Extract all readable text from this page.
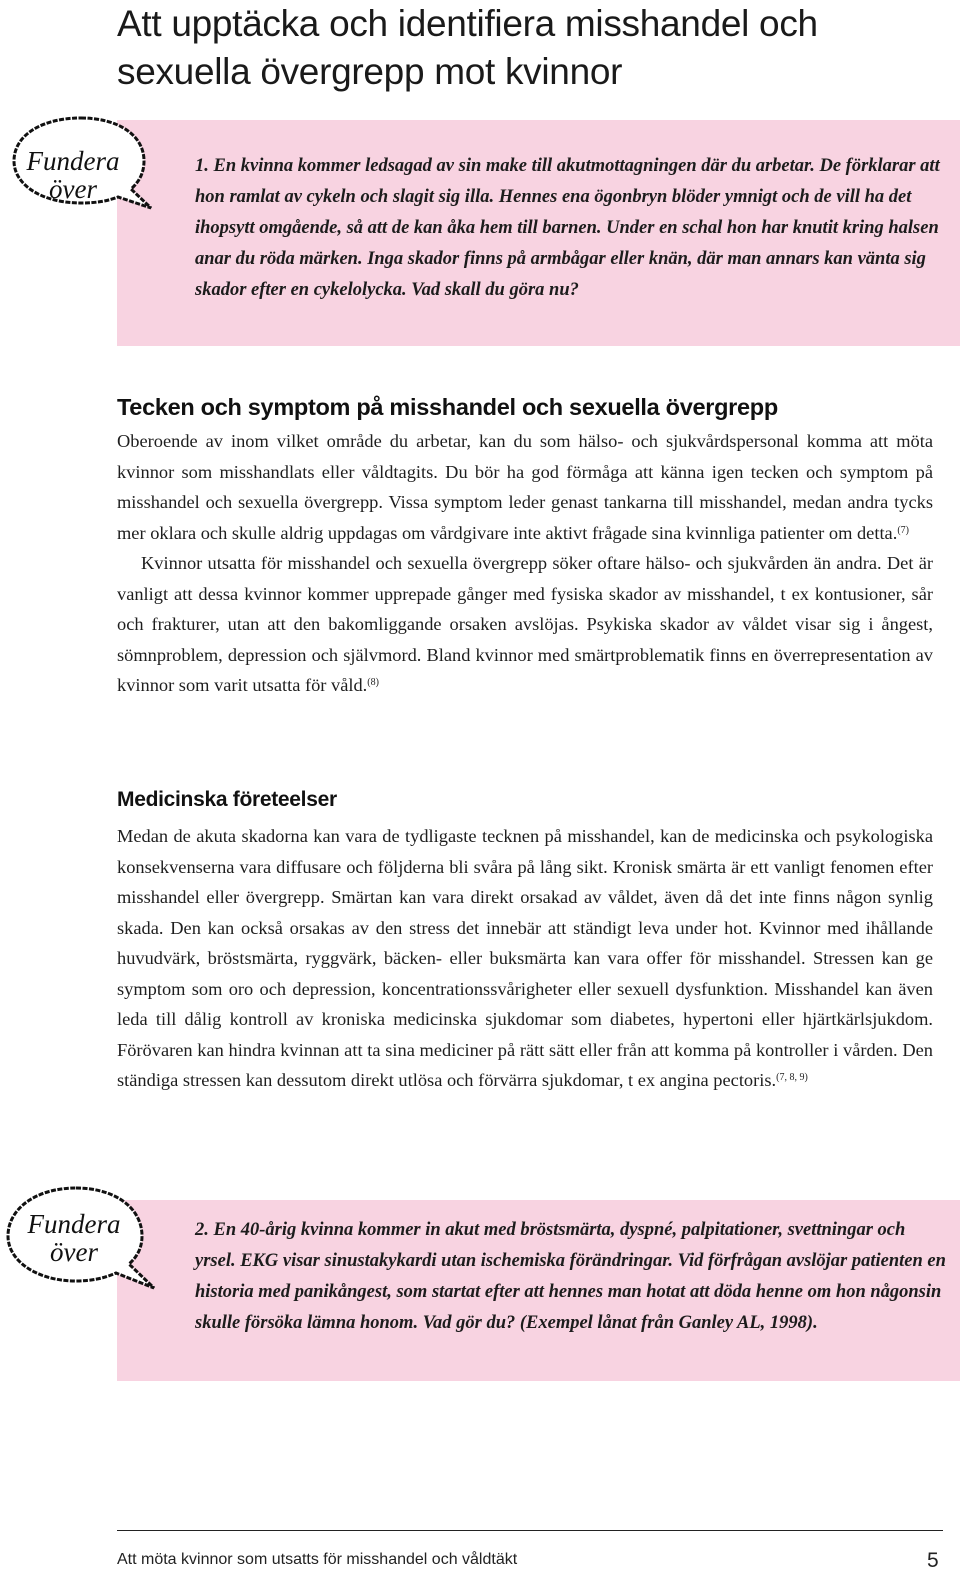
Att upptäcka och identifiera misshandel och sexuella övergrepp mot kvinnor

1. En kvinna kommer ledsagad av sin make till akutmottagningen där du arbetar. De förklarar att hon ramlat av cykeln och slagit sig illa. Hennes ena ögonbryn blöder ymnigt och de vill ha det ihopsytt omgående, så att de kan åka hem till barnen. Under en schal hon har knutit kring halsen anar du röda märken. Inga skador finns på armbågar eller knän, där man annars kan vänta sig skador efter en cykelolycka. Vad skall du göra nu?

Fundera
över
Tecken och symptom på misshandel och sexuella övergrepp

Oberoende av inom vilket område du arbetar, kan du som hälso- och sjukvårdspersonal komma att möta kvinnor som misshandlats eller våldtagits. Du bör ha god förmåga att känna igen tecken och symptom på misshandel och sexuella övergrepp. Vissa symptom leder genast tankarna till misshandel, medan andra tycks mer oklara och skulle aldrig uppdagas om vårdgivare inte aktivt frågade sina kvinnliga patienter om detta.$^{(7)}$

Kvinnor utsatta för misshandel och sexuella övergrepp söker oftare hälso- och sjukvården än andra. Det är vanligt att dessa kvinnor kommer upprepade gånger med fysiska skador av misshandel, t ex kontusioner, sår och frakturer, utan att den bakomliggande orsaken avslöjas. Psykiska skador av våldet visar sig i ångest, sömnproblem, depression och självmord. Bland kvinnor med smärtproblematik finns en överrepresentation av kvinnor som varit utsatta för våld.$^{(8)}$

Medicinska företeelser

Medan de akuta skadorna kan vara de tydligaste tecknen på misshandel, kan de medicinska och psykologiska konsekvenserna vara diffusare och följderna bli svåra på lång sikt. Kronisk smärta är ett vanligt fenomen efter misshandel eller övergrepp. Smärtan kan vara direkt orsakad av våldet, även då det inte finns någon synlig skada. Den kan också orsakas av den stress det innebär att ständigt leva under hot. Kvinnor med ihållande huvudvärk, bröstsmärta, ryggvärk, bäcken- eller buksmärta kan vara offer för misshandel. Stressen kan ge symptom som oro och depression, koncentrationssvårigheter eller sexuell dysfunktion. Misshandel kan även leda till dålig kontroll av kroniska medicinska sjukdomar som diabetes, hypertoni eller hjärtkärlsjukdom. Förövaren kan hindra kvinnan att ta sina mediciner på rätt sätt eller från att komma på kontroller i vården. Den ständiga stressen kan dessutom direkt utlösa och förvärra sjukdomar, t ex angina pectoris.$^{(7, 8, 9)}$

2. En 40-årig kvinna kommer in akut med bröstsmärta, dyspné, palpitationer, svettningar och yrsel. EKG visar sinustakykardi utan ischemiska förändringar. Vid förfrågan avslöjar patienten en historia med panikångest, som startat efter att hennes man hotat att döda henne om hon någonsin skulle försöka lämna honom. Vad gör du? (Exempel lånat från Ganley AL, 1998).

Fundera
över
Att möta kvinnor som utsatts för misshandel och våldtäkt	5
